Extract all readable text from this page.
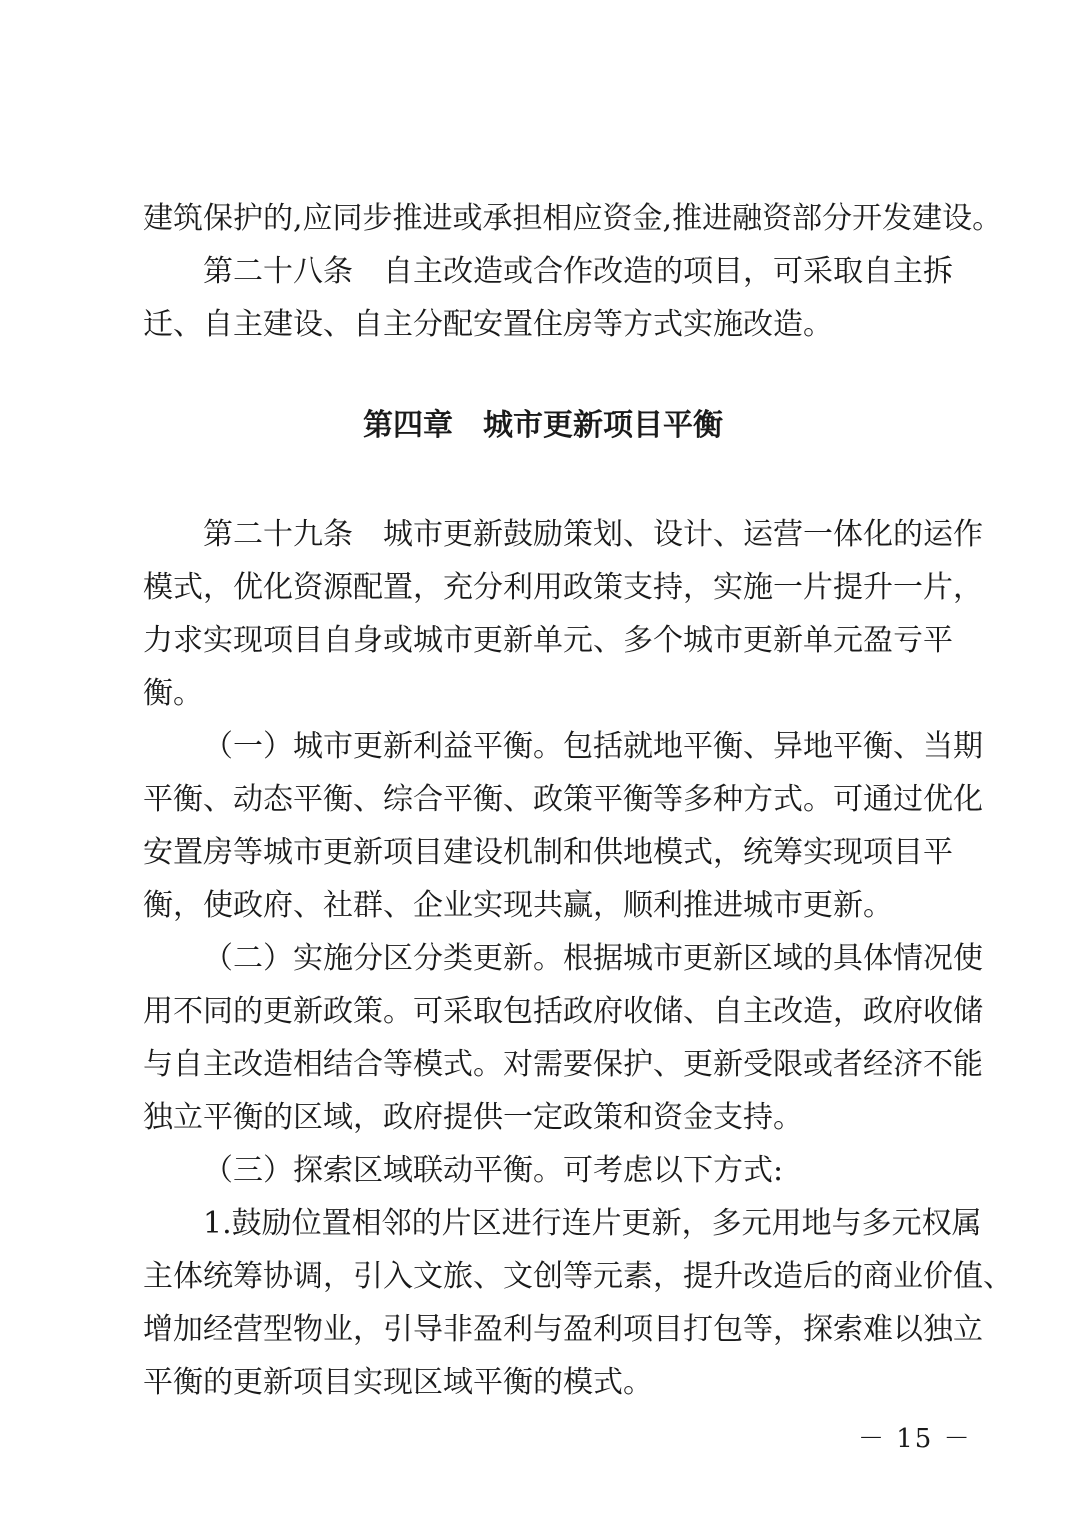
建筑保护的,应同步推进或承担相应资金,推进融资部分开发建设。
第二十八条　自主改造或合作改造的项目，可采取自主拆
迁、自主建设、自主分配安置住房等方式实施改造。
第四章　城市更新项目平衡
第二十九条　城市更新鼓励策划、设计、运营一体化的运作
模式，优化资源配置，充分利用政策支持，实施一片提升一片，
力求实现项目自身或城市更新单元、多个城市更新单元盈亏平
衡。
（一）城市更新利益平衡。包括就地平衡、异地平衡、当期
平衡、动态平衡、综合平衡、政策平衡等多种方式。可通过优化
安置房等城市更新项目建设机制和供地模式，统筹实现项目平
衡，使政府、社群、企业实现共赢，顺利推进城市更新。
（二）实施分区分类更新。根据城市更新区域的具体情况使
用不同的更新政策。可采取包括政府收储、自主改造，政府收储
与自主改造相结合等模式。对需要保护、更新受限或者经济不能
独立平衡的区域，政府提供一定政策和资金支持。
（三）探索区域联动平衡。可考虑以下方式:
1.鼓励位置相邻的片区进行连片更新，多元用地与多元权属
主体统筹协调，引入文旅、文创等元素，提升改造后的商业价值、
增加经营型物业，引导非盈利与盈利项目打包等，探索难以独立
平衡的更新项目实现区域平衡的模式。
－ 15 －
